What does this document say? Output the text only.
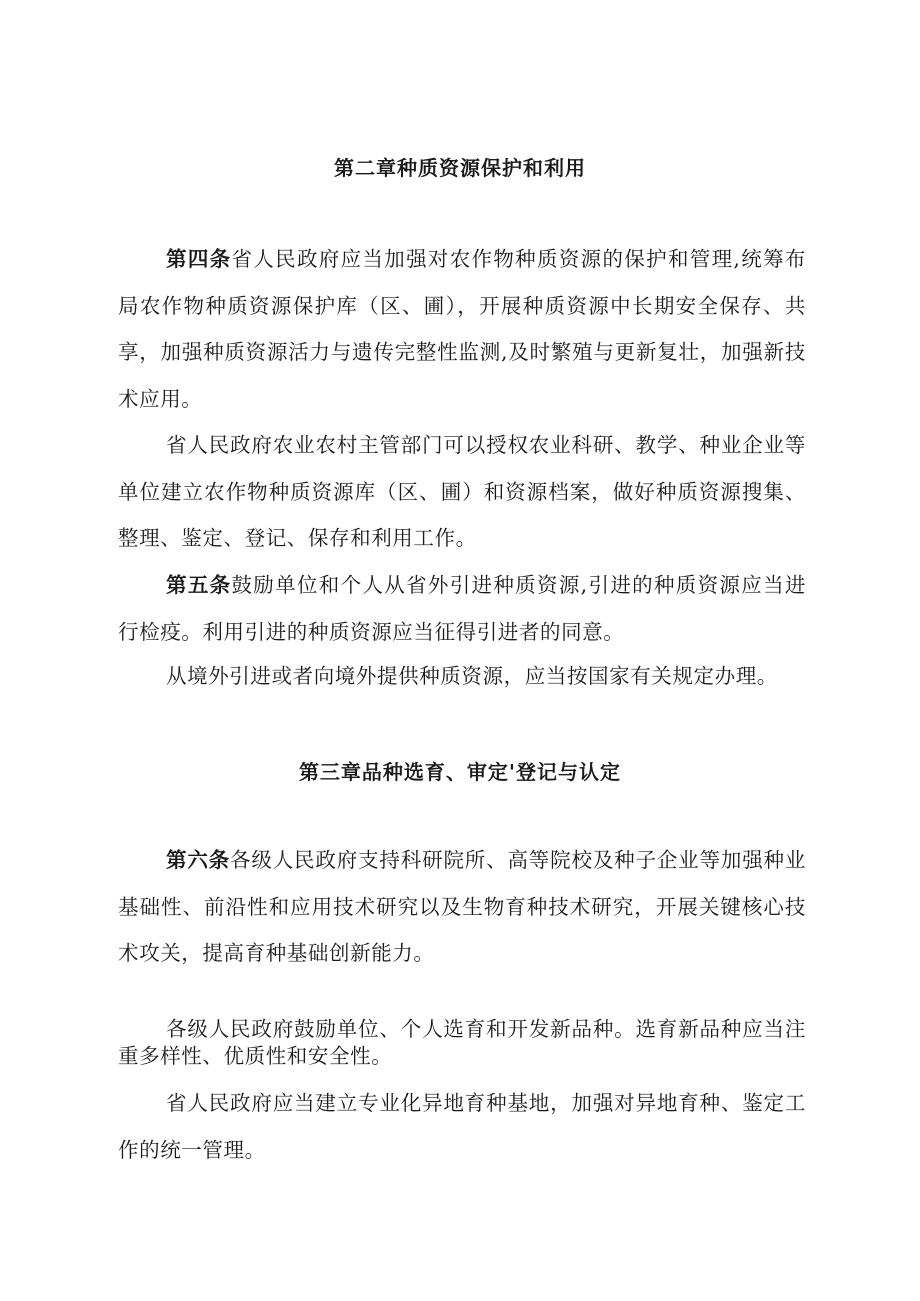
第二章种质资源保护和利用

第四条省人民政府应当加强对农作物种质资源的保护和管理,统筹布局农作物种质资源保护库（区、圃），开展种质资源中长期安全保存、共享，加强种质资源活力与遗传完整性监测,及时繁殖与更新复壮，加强新技术应用。

省人民政府农业农村主管部门可以授权农业科研、教学、种业企业等单位建立农作物种质资源库（区、圃）和资源档案，做好种质资源搜集、整理、鉴定、登记、保存和利用工作。

第五条鼓励单位和个人从省外引进种质资源,引进的种质资源应当进行检疫。利用引进的种质资源应当征得引进者的同意。

从境外引进或者向境外提供种质资源，应当按国家有关规定办理。

第三章品种选育、审定'登记与认定

第六条各级人民政府支持科研院所、高等院校及种子企业等加强种业基础性、前沿性和应用技术研究以及生物育种技术研究，开展关键核心技术攻关，提高育种基础创新能力。

各级人民政府鼓励单位、个人选育和开发新品种。选育新品种应当注重多样性、优质性和安全性。

省人民政府应当建立专业化异地育种基地，加强对异地育种、鉴定工作的统一管理。
